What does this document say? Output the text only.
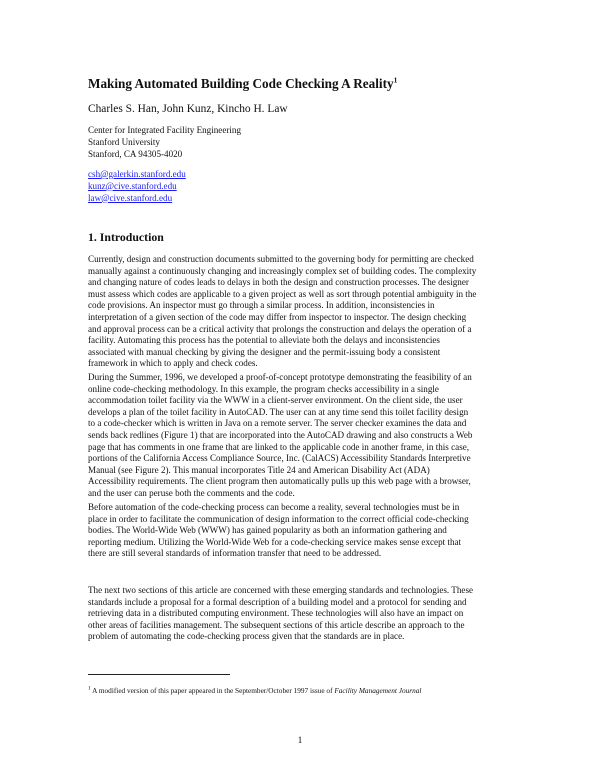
Making Automated Building Code Checking A Reality$^1$
Charles S. Han, John Kunz, Kincho H. Law
Center for Integrated Facility Engineering
Stanford University
Stanford, CA 94305-4020
csh@galerkin.stanford.edu
kunz@cive.stanford.edu
law@cive.stanford.edu
1. Introduction
Currently, design and construction documents submitted to the governing body for permitting are checked
manually against a continuously changing and increasingly complex set of building codes. The complexity
and changing nature of codes leads to delays in both the design and construction processes. The designer
must assess which codes are applicable to a given project as well as sort through potential ambiguity in the
code provisions. An inspector must go through a similar process. In addition, inconsistencies in
interpretation of a given section of the code may differ from inspector to inspector. The design checking
and approval process can be a critical activity that prolongs the construction and delays the operation of a
facility. Automating this process has the potential to alleviate both the delays and inconsistencies
associated with manual checking by giving the designer and the permit-issuing body a consistent
framework in which to apply and check codes.
During the Summer, 1996, we developed a proof-of-concept prototype demonstrating the feasibility of an
online code-checking methodology. In this example, the program checks accessibility in a single
accommodation toilet facility via the WWW in a client-server environment. On the client side, the user
develops a plan of the toilet facility in AutoCAD. The user can at any time send this toilet facility design
to a code-checker which is written in Java on a remote server. The server checker examines the data and
sends back redlines (Figure 1) that are incorporated into the AutoCAD drawing and also constructs a Web
page that has comments in one frame that are linked to the applicable code in another frame, in this case,
portions of the California Access Compliance Source, Inc. (CalACS) Accessibility Standards Interpretive
Manual (see Figure 2). This manual incorporates Title 24 and American Disability Act (ADA)
Accessibility requirements. The client program then automatically pulls up this web page with a browser,
and the user can peruse both the comments and the code.
Before automation of the code-checking process can become a reality, several technologies must be in
place in order to facilitate the communication of design information to the correct official code-checking
bodies. The World-Wide Web (WWW) has gained popularity as both an information gathering and
reporting medium. Utilizing the World-Wide Web for a code-checking service makes sense except that
there are still several standards of information transfer that need to be addressed.
The next two sections of this article are concerned with these emerging standards and technologies. These
standards include a proposal for a formal description of a building model and a protocol for sending and
retrieving data in a distributed computing environment. These technologies will also have an impact on
other areas of facilities management. The subsequent sections of this article describe an approach to the
problem of automating the code-checking process given that the standards are in place.
$^1$ A modified version of this paper appeared in the September/October 1997 issue of Facility Management Journal
1
